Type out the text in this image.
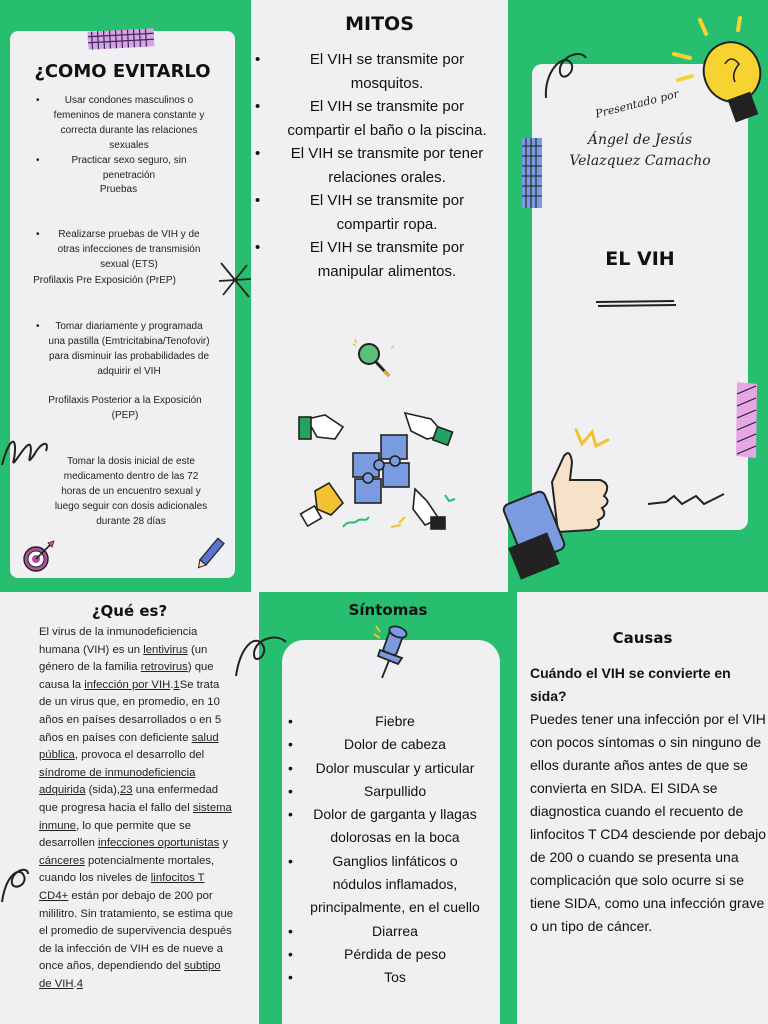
¿COMO EVITARLO
• Usar condones masculinos o femeninos de manera constante y correcta durante las relaciones sexuales
• Practicar sexo seguro, sin penetración
Pruebas
• Realizarse pruebas de VIH y de otras infecciones de transmisión sexual (ETS)
Profilaxis Pre Exposición (PrEP)
• Tomar diariamente y programada una pastilla (Emtricitabina/Tenofovir) para disminuir las probabilidades de adquirir el VIH
Profilaxis Posterior a la Exposición (PEP)
Tomar la dosis inicial de este medicamento dentro de las 72 horas de un encuentro sexual y luego seguir con dosis adicionales durante 28 días
MITOS
• El VIH se transmite por mosquitos.
• El VIH se transmite por compartir el baño o la piscina.
• El VIH se transmite por tener relaciones orales.
• El VIH se transmite por compartir ropa.
• El VIH se transmite por manipular alimentos.
Presentado por
Ángel de Jesús
Velazquez Camacho
EL VIH
¿Qué es?
El virus de la inmunodeficiencia humana (VIH) es un lentivirus (un género de la familia retrovirus) que causa la infección por VIH.1Se trata de un virus que, en promedio, en 10 años en países desarrollados o en 5 años en países con deficiente salud pública, provoca el desarrollo del síndrome de inmunodeficiencia adquirida (sida),23 una enfermedad que progresa hacia el fallo del sistema inmune, lo que permite que se desarrollen infecciones oportunistas y cánceres potencialmente mortales, cuando los niveles de linfocitos T CD4+ están por debajo de 200 por mililitro. Sin tratamiento, se estima que el promedio de supervivencia después de la infección de VIH es de nueve a once años, dependiendo del subtipo de VIH.4
Síntomas
• Fiebre
• Dolor de cabeza
• Dolor muscular y articular
• Sarpullido
• Dolor de garganta y llagas dolorosas en la boca
• Ganglios linfáticos o nódulos inflamados, principalmente, en el cuello
• Diarrea
• Pérdida de peso
• Tos
Causas
Cuándo el VIH se convierte en sida?
Puedes tener una infección por el VIH con pocos síntomas o sin ninguno de ellos durante años antes de que se convierta en SIDA. El SIDA se diagnostica cuando el recuento de linfocitos T CD4 desciende por debajo de 200 o cuando se presenta una complicación que solo ocurre si se tiene SIDA, como una infección grave o un tipo de cáncer.
